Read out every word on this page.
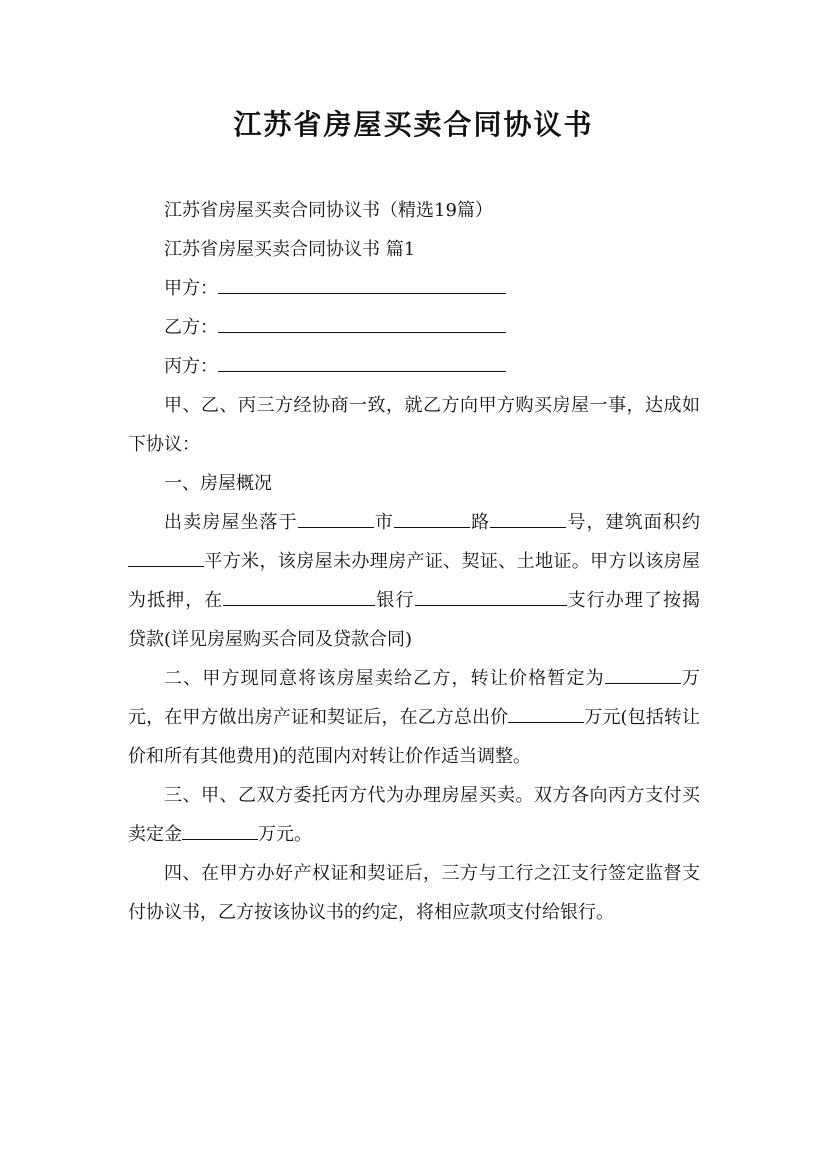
江苏省房屋买卖合同协议书

江苏省房屋买卖合同协议书（精选19篇）

江苏省房屋买卖合同协议书 篇1

甲方：

乙方：

丙方：

甲、乙、丙三方经协商一致，就乙方向甲方购买房屋一事，达成如下协议：

一、房屋概况

出卖房屋坐落于	市	路	号，建筑面积约平方米，该房屋未办理房产证、契证、土地证。甲方以该房屋为抵押，在	银行	支行办理了按揭贷款(详见房屋购买合同及贷款合同)

二、甲方现同意将该房屋卖给乙方，转让价格暂定为	万元，在甲方做出房产证和契证后，在乙方总出价	万元(包括转让价和所有其他费用)的范围内对转让价作适当调整。

三、甲、乙双方委托丙方代为办理房屋买卖。双方各向丙方支付买卖定金	万元。

四、在甲方办好产权证和契证后，三方与工行之江支行签定监督支付协议书，乙方按该协议书的约定，将相应款项支付给银行。
